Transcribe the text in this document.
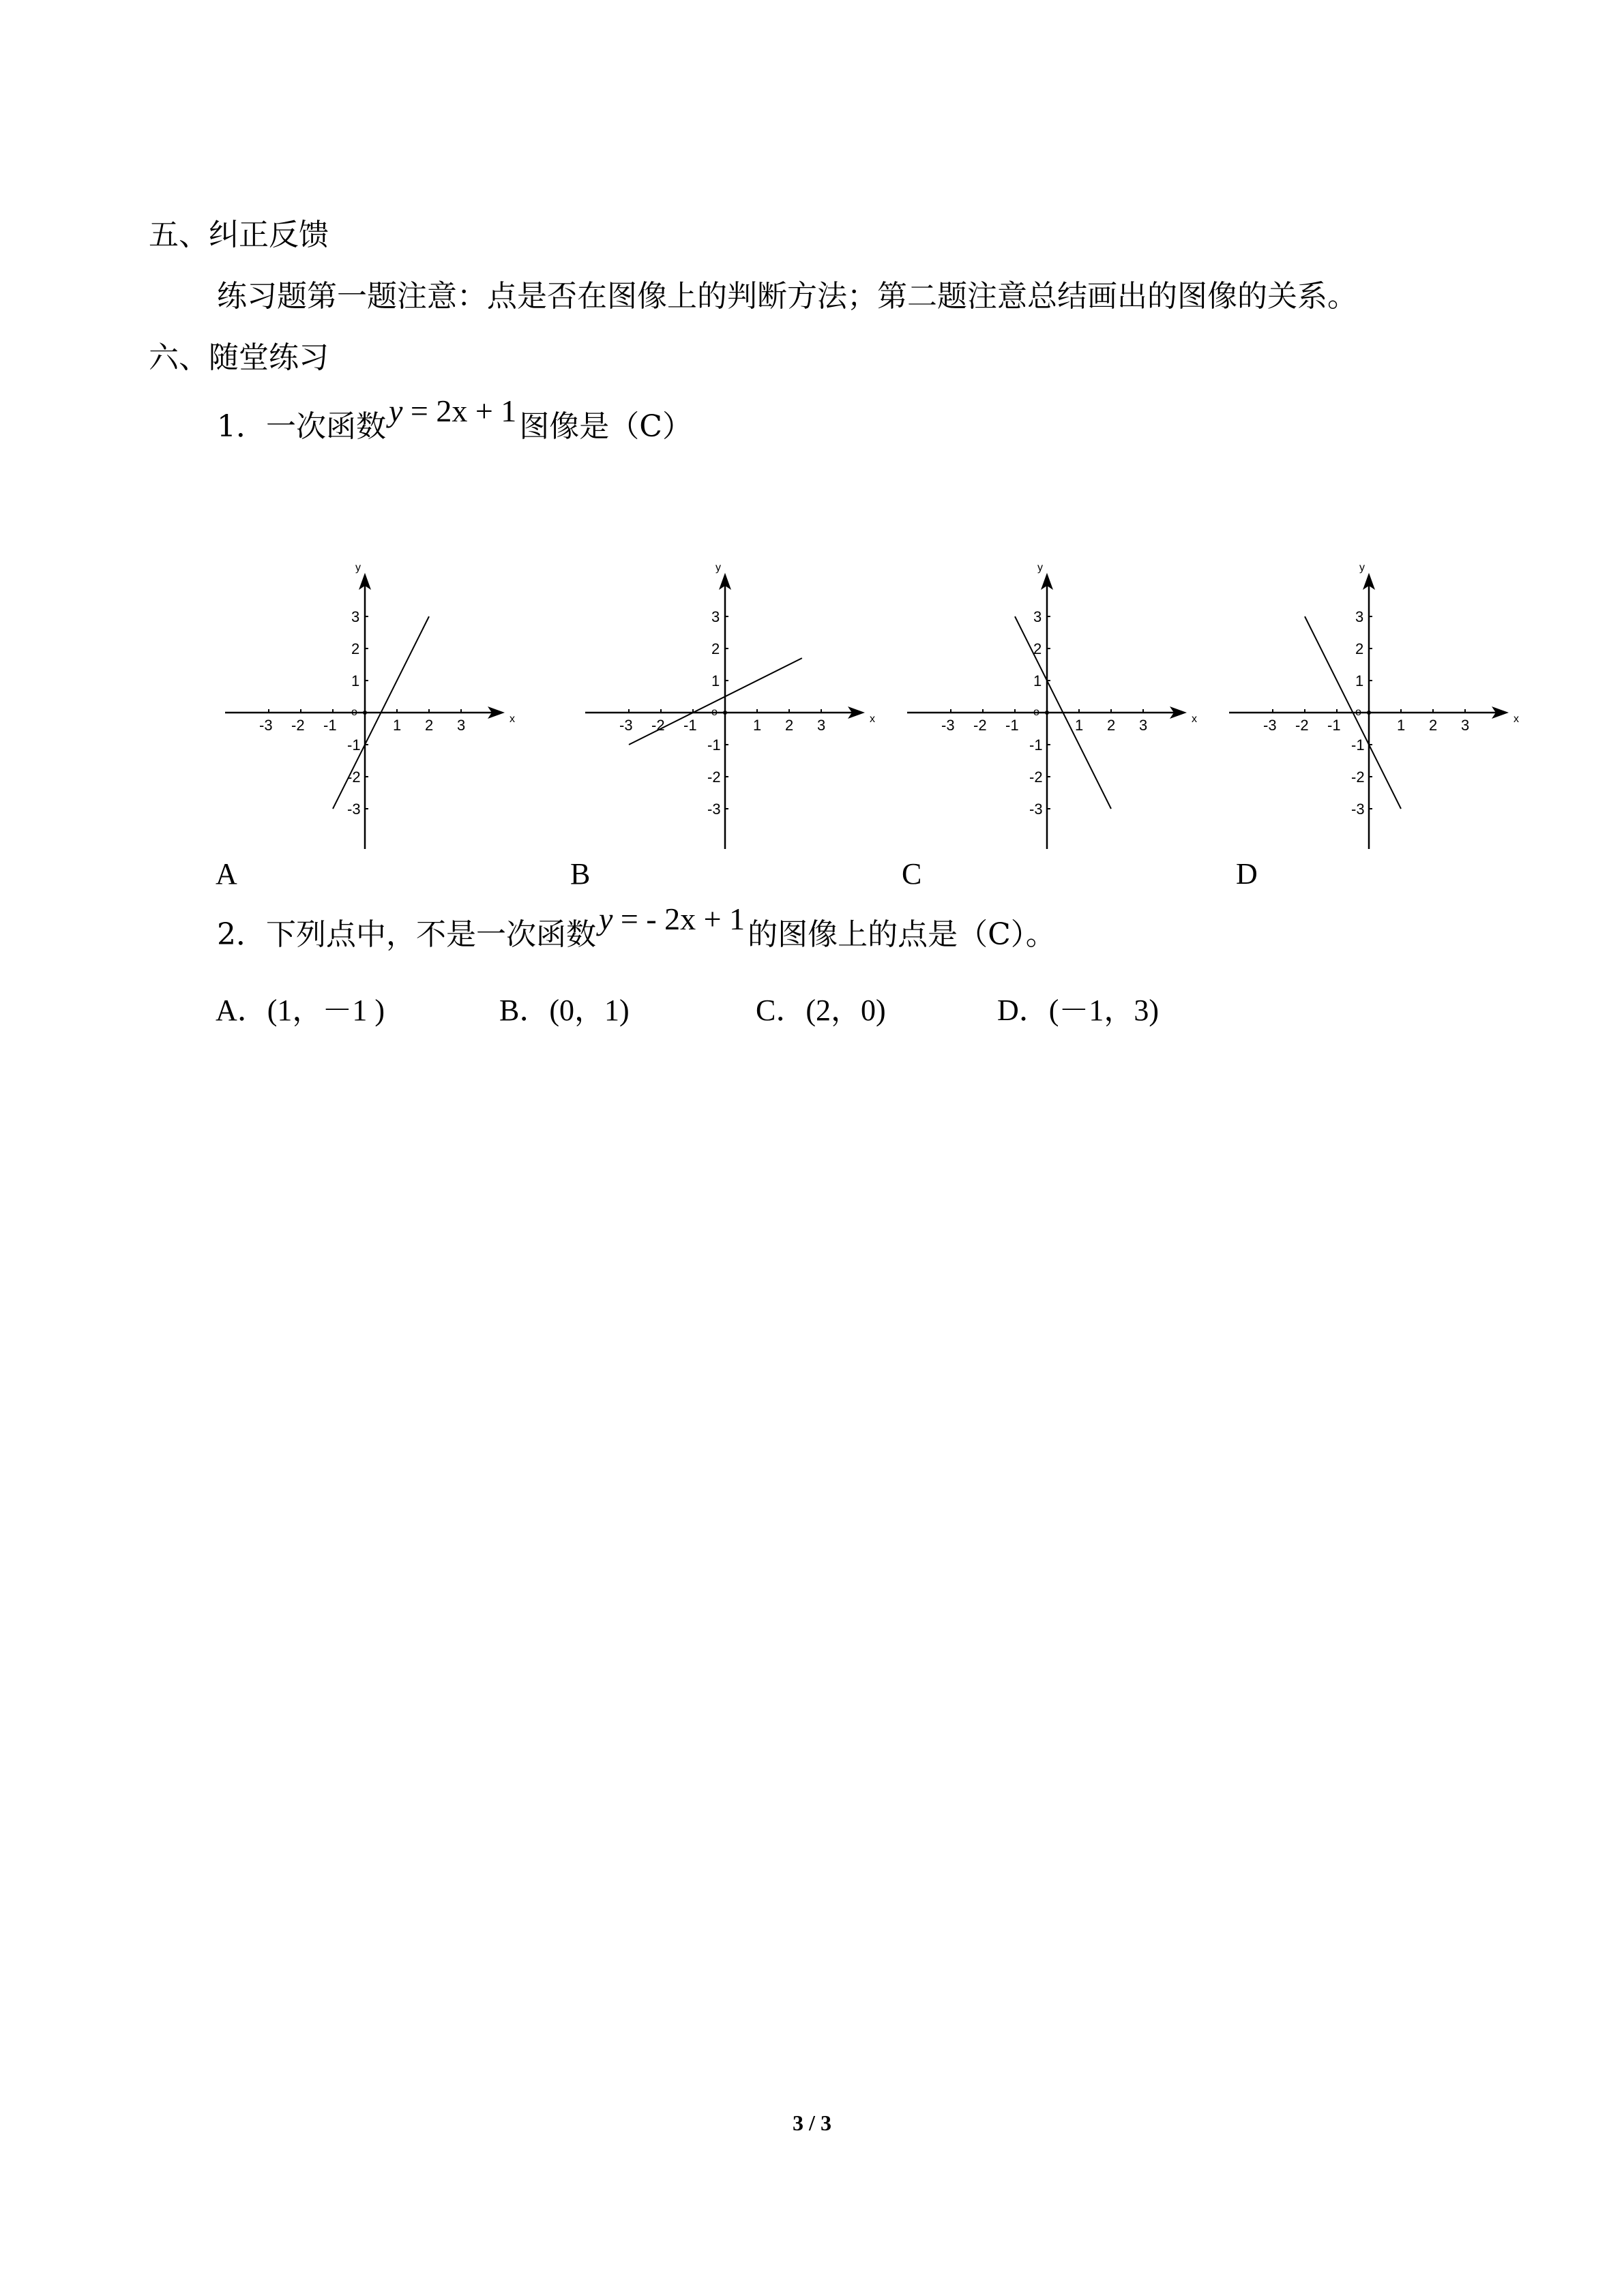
五、纠正反馈
练习题第一题注意：点是否在图像上的判断方法；第二题注意总结画出的图像的关系。
六、随堂练习
1．一次函数y = 2x + 1图像是（C）
x
y
o
-3 -2 -1	1 2 3
3
2
1
-1
-2
-3
x
y
o
-3 -2 -1	1 2 3
3
2
1
-1
-2
-3
x
y
o
-3 -2 -1	1 2 3
3
2
1
-1
-2
-3
x
y
o
-3 -2 -1	1 2 3
3
2
1
-1
-2
-3
A	B	C	D
2．下列点中，不是一次函数y = - 2x + 1的图像上的点是（C）。
A．(1，－1 )	B．(0，1)	C．(2，0)	D．(－1，3)
3 / 3
